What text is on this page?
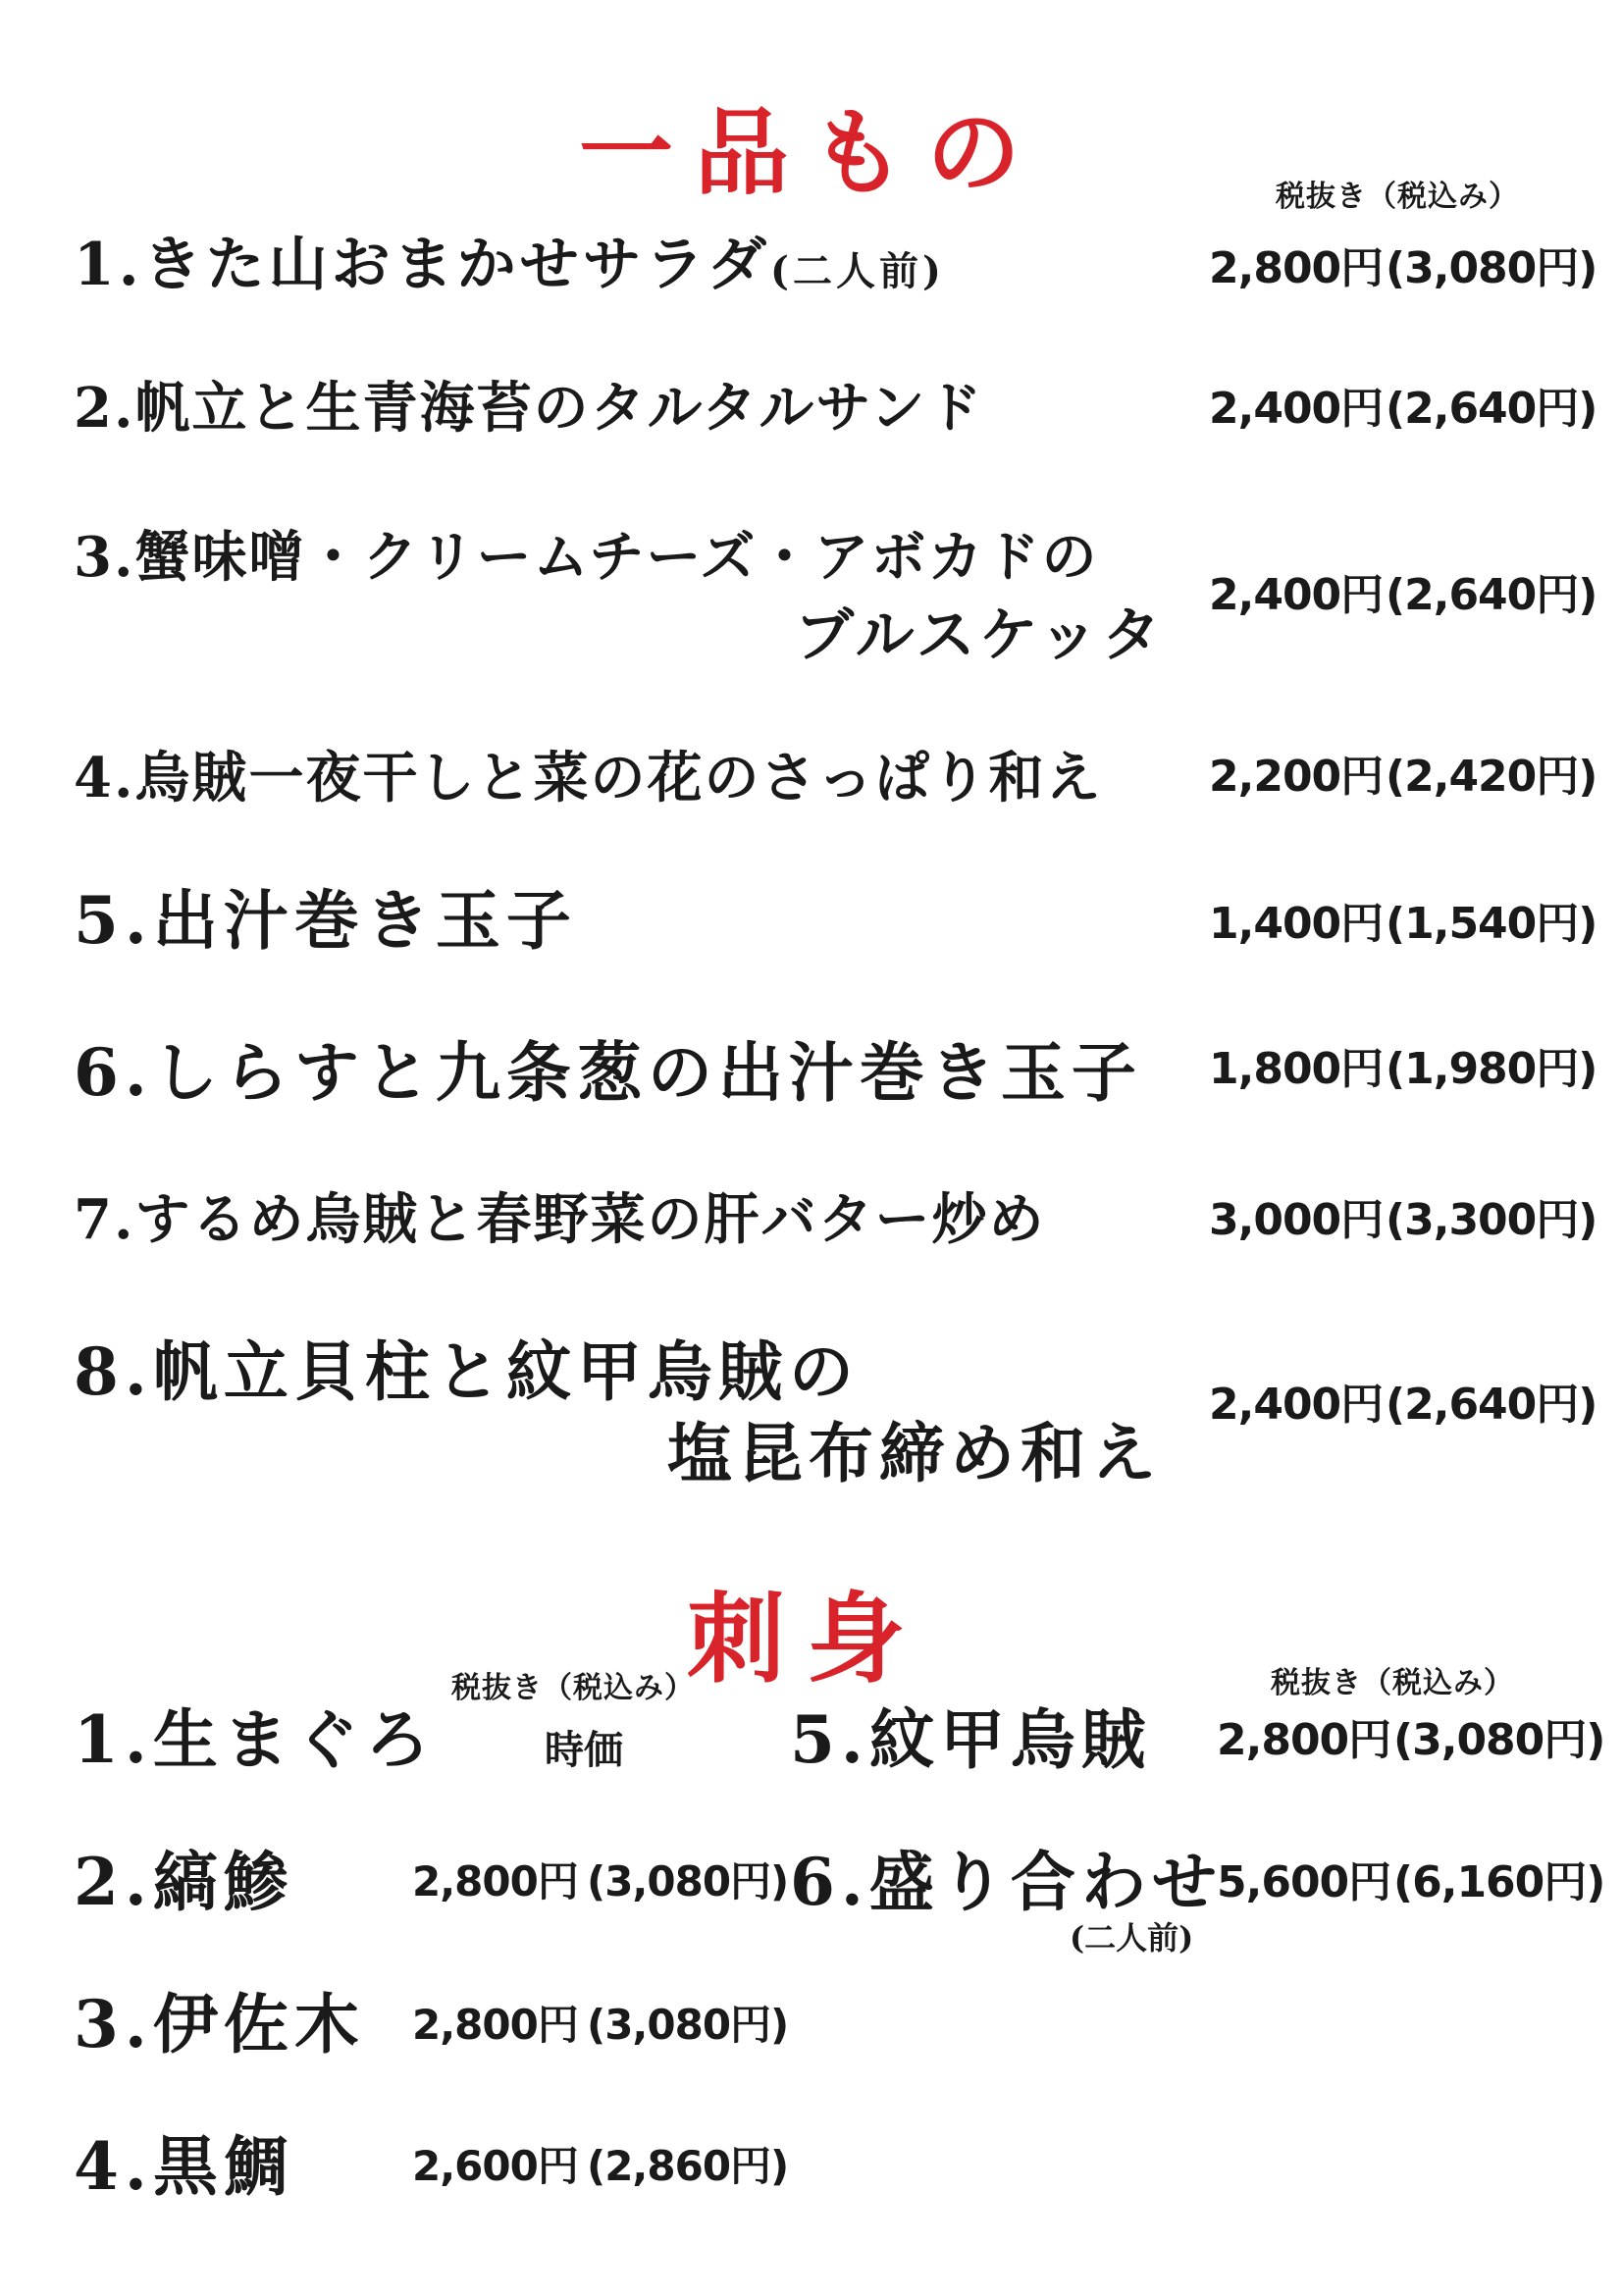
一品もの	税抜き（税込み）
1.きた山おまかせサラダ(二人前)	2,800円 (3,080円)
2.帆立と生青海苔のタルタルサンド	2,400円 (2,640円)
3.蟹味噌・クリームチーズ・アボカドの
ブルスケッタ
2,400円 (2,640円)
4.烏賊一夜干しと菜の花のさっぱり和え 2,200円 (2,420円)
5.出汁巻き玉子	1,400円 (1,540円)
6.しらすと九条葱の出汁巻き玉子 1,800円 (1,980円)
7.するめ烏賊と春野菜の肝バター炒め	3,000円 (3,300円)
8.帆立貝柱と紋甲烏賊の
塩昆布締め和え
2,400円 (2,640円)
刺身
税抜き（税込み）	税抜き（税込み）
1.生まぐろ	時価
2.縞鯵	2,800円 (3,080円)
3.伊佐木 2,800円 (3,080円)
4.黒鯛	2,600円 (2,860円)
5.紋甲烏賊 2,800円 (3,080円)
6.盛り合わせ
(二人前)
5,600円 (6,160円)
